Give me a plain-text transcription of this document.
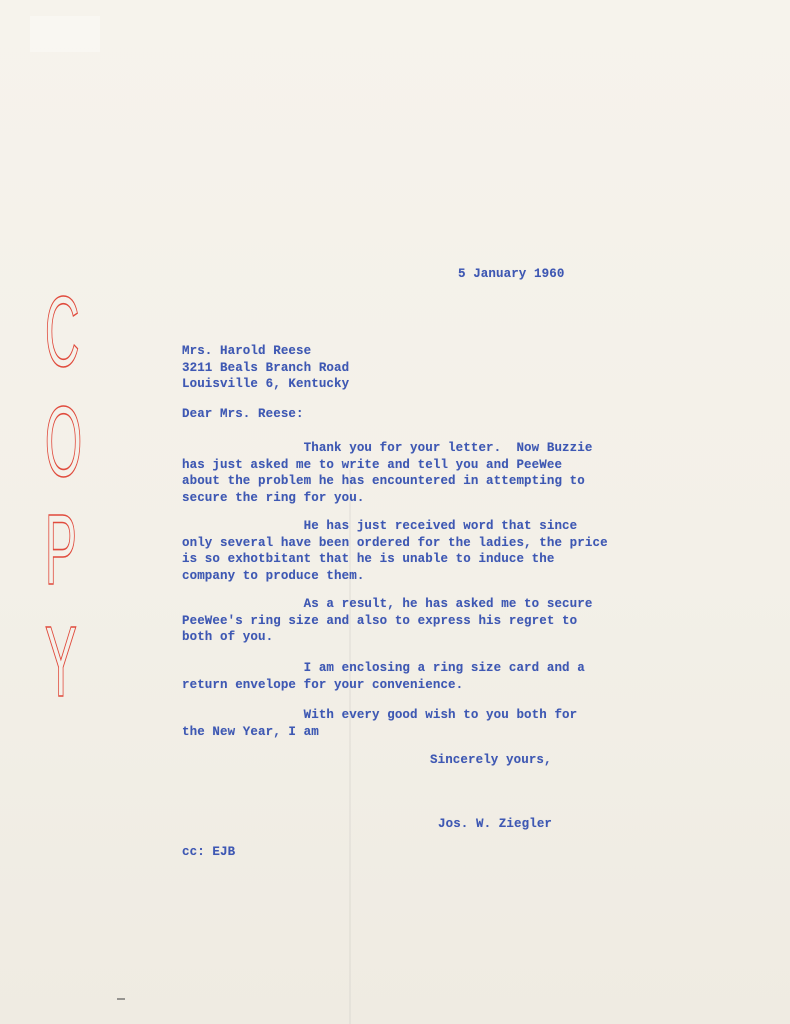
C
O
P
Y

5 January 1960

Mrs. Harold Reese
3211 Beals Branch Road
Louisville 6, Kentucky

Dear Mrs. Reese:

Thank you for your letter.  Now Buzzie
has just asked me to write and tell you and PeeWee
about the problem he has encountered in attempting to
secure the ring for you.

He has just received word that since
only several have been ordered for the ladies, the price
is so exhotbitant that he is unable to induce the
company to produce them.

As a result, he has asked me to secure
PeeWee's ring size and also to express his regret to
both of you.

I am enclosing a ring size card and a
return envelope for your convenience.

With every good wish to you both for
the New Year, I am

Sincerely yours,

Jos. W. Ziegler

cc: EJB
